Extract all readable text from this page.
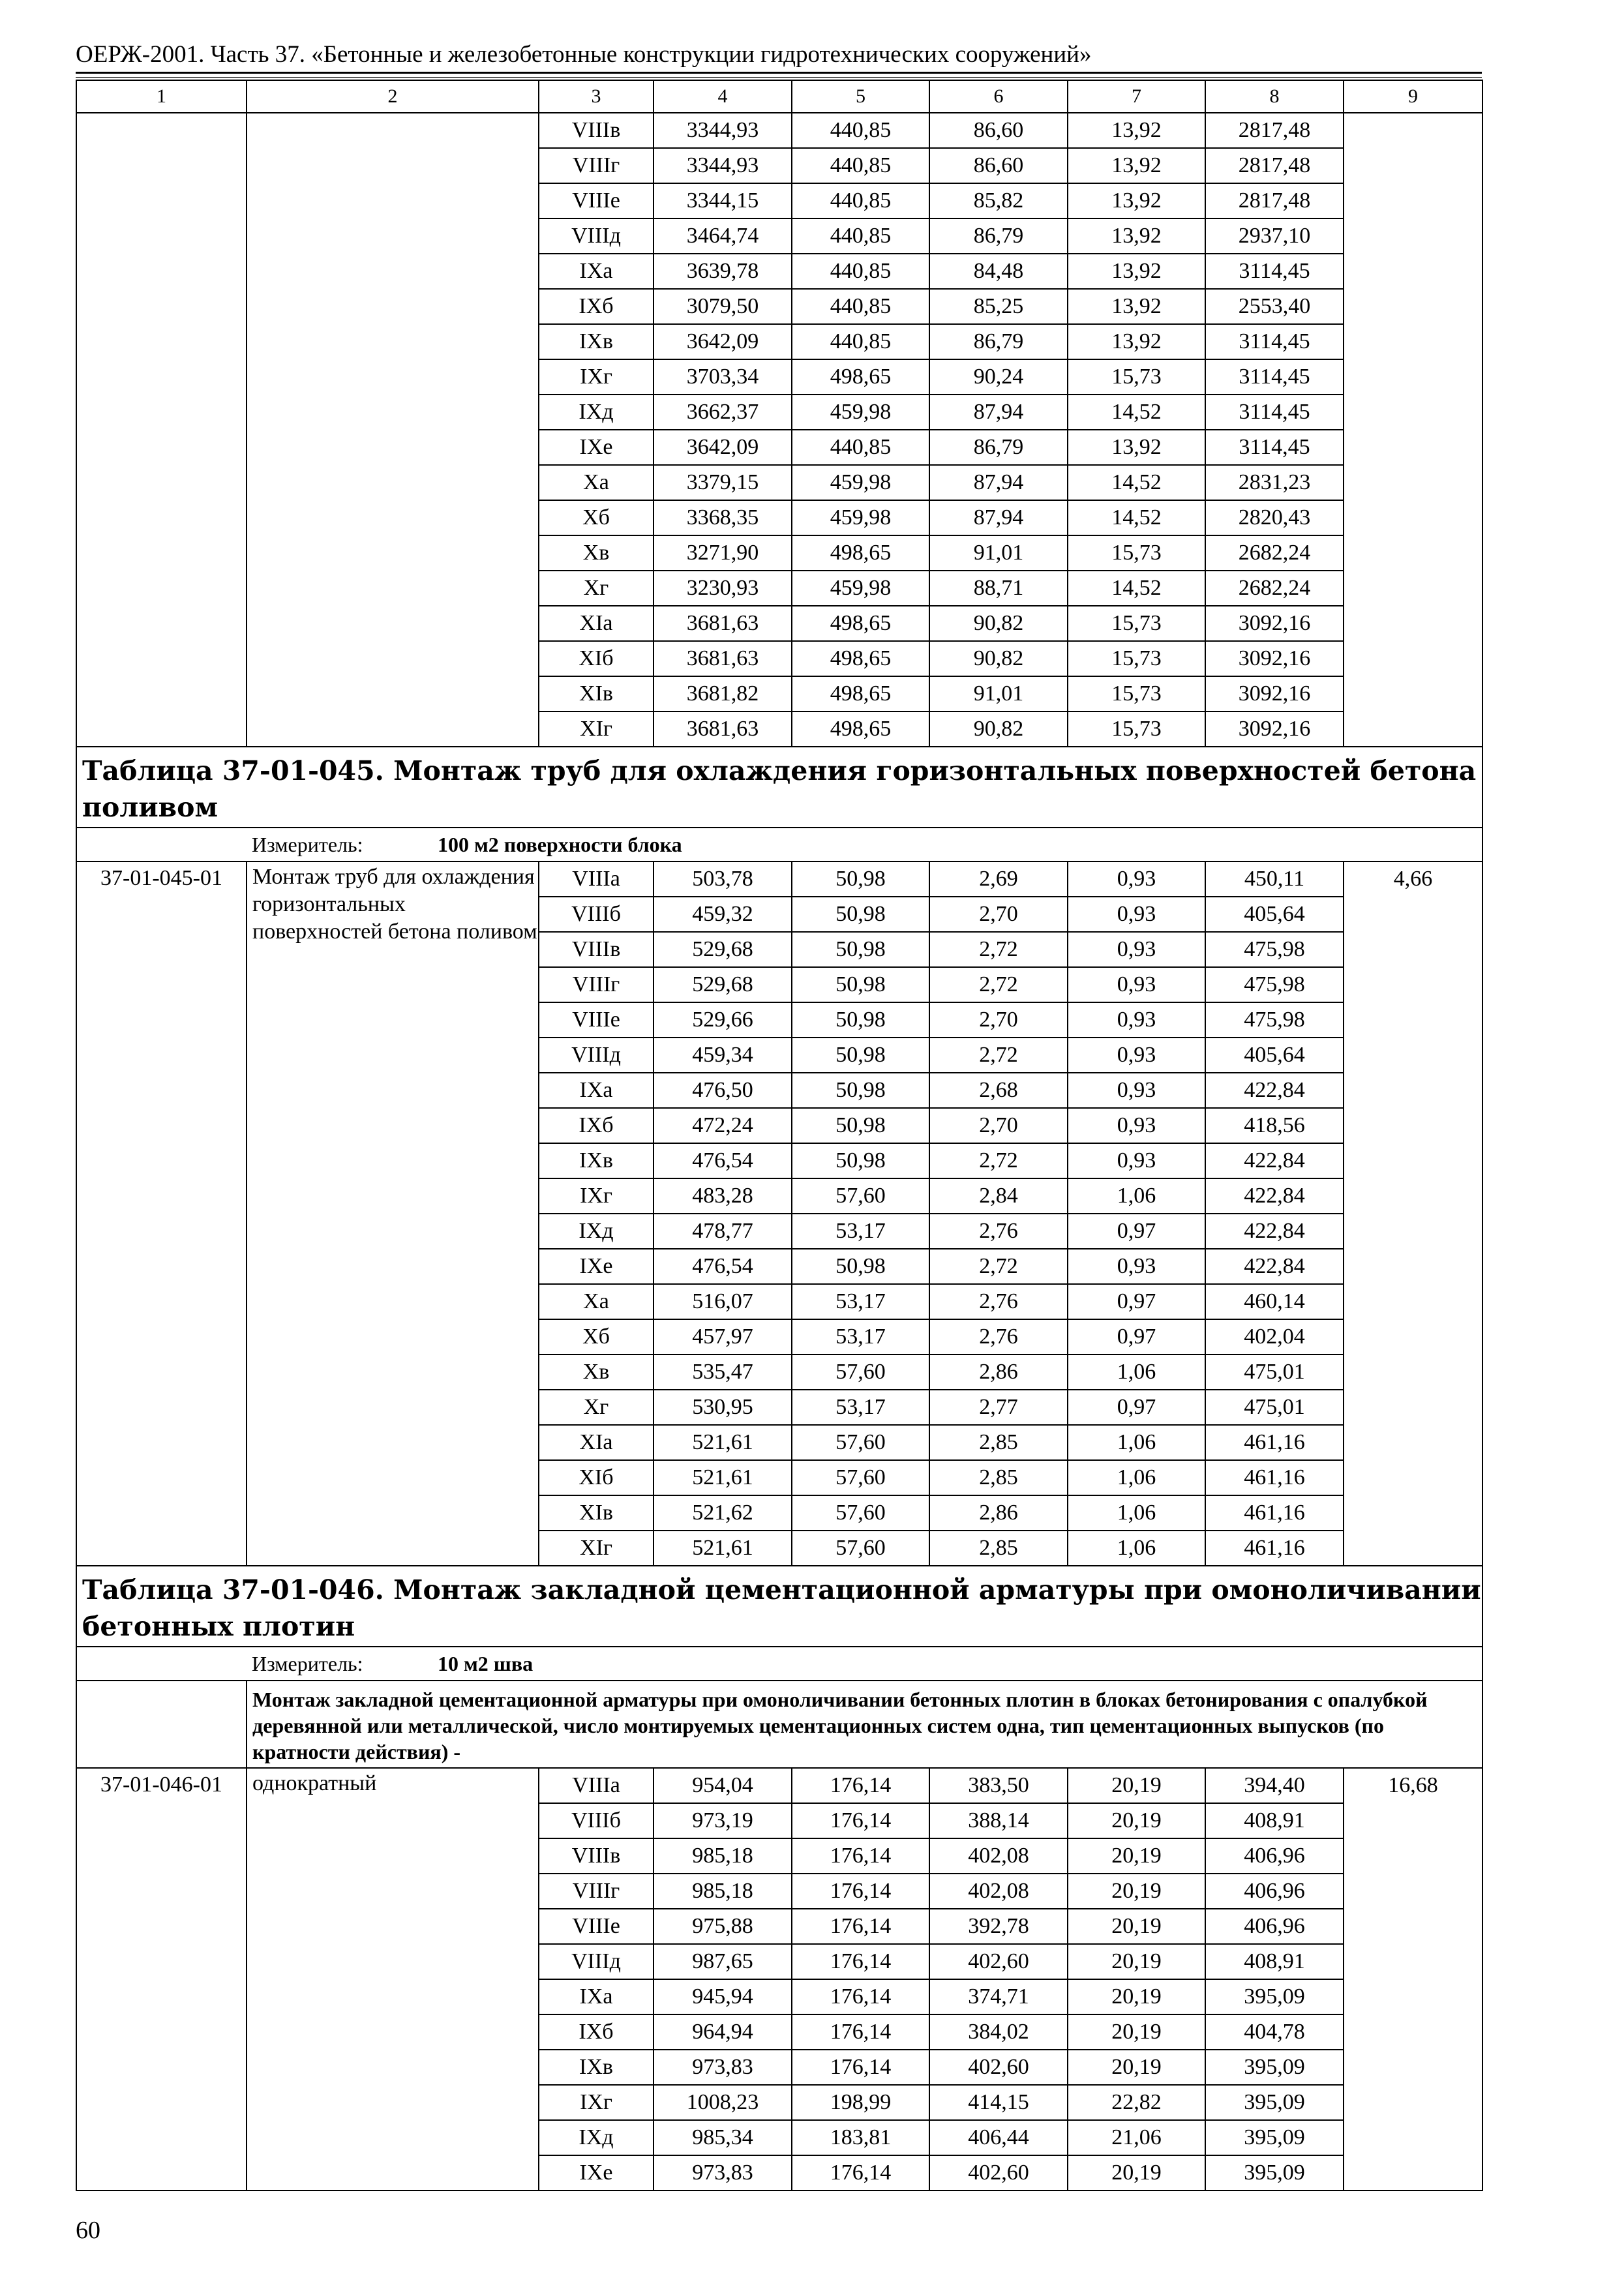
ОЕРЖ-2001. Часть 37. «Бетонные и железобетонные конструкции гидротехнических сооружений»
1	2	3	4	5	6	7	8	9
		VIIIв	3344,93	440,85	86,60	13,92	2817,48	
		VIIIг	3344,93	440,85	86,60	13,92	2817,48	
		VIIIе	3344,15	440,85	85,82	13,92	2817,48	
		VIIIд	3464,74	440,85	86,79	13,92	2937,10	
		IXа	3639,78	440,85	84,48	13,92	3114,45	
		IXб	3079,50	440,85	85,25	13,92	2553,40	
		IXв	3642,09	440,85	86,79	13,92	3114,45	
		IXг	3703,34	498,65	90,24	15,73	3114,45	
		IXд	3662,37	459,98	87,94	14,52	3114,45	
		IXе	3642,09	440,85	86,79	13,92	3114,45	
		Xа	3379,15	459,98	87,94	14,52	2831,23	
		Xб	3368,35	459,98	87,94	14,52	2820,43	
		Xв	3271,90	498,65	91,01	15,73	2682,24	
		Xг	3230,93	459,98	88,71	14,52	2682,24	
		XIа	3681,63	498,65	90,82	15,73	3092,16	
		XIб	3681,63	498,65	90,82	15,73	3092,16	
		XIв	3681,82	498,65	91,01	15,73	3092,16	
		XIг	3681,63	498,65	90,82	15,73	3092,16	
Таблица 37-01-045. Монтаж труб для охлаждения горизонтальных поверхностей бетона поливом								
Измеритель: 100 м2 поверхности блока								
37-01-045-01	Монтаж труб для охлаждения горизонтальных поверхностей бетона поливом	VIIIа	503,78	50,98	2,69	0,93	450,11	4,66
		VIIIб	459,32	50,98	2,70	0,93	405,64	
		VIIIв	529,68	50,98	2,72	0,93	475,98	
		VIIIг	529,68	50,98	2,72	0,93	475,98	
		VIIIе	529,66	50,98	2,70	0,93	475,98	
		VIIIд	459,34	50,98	2,72	0,93	405,64	
		IXа	476,50	50,98	2,68	0,93	422,84	
		IXб	472,24	50,98	2,70	0,93	418,56	
		IXв	476,54	50,98	2,72	0,93	422,84	
		IXг	483,28	57,60	2,84	1,06	422,84	
		IXд	478,77	53,17	2,76	0,97	422,84	
		IXе	476,54	50,98	2,72	0,93	422,84	
		Xа	516,07	53,17	2,76	0,97	460,14	
		Xб	457,97	53,17	2,76	0,97	402,04	
		Xв	535,47	57,60	2,86	1,06	475,01	
		Xг	530,95	53,17	2,77	0,97	475,01	
		XIа	521,61	57,60	2,85	1,06	461,16	
		XIб	521,61	57,60	2,85	1,06	461,16	
		XIв	521,62	57,60	2,86	1,06	461,16	
		XIг	521,61	57,60	2,85	1,06	461,16	
Таблица 37-01-046. Монтаж закладной цементационной арматуры при омоноличивании бетонных плотин								
Измеритель: 10 м2 шва								
	Монтаж закладной цементационной арматуры при омоноличивании бетонных плотин в блоках бетонирования с опалубкой деревянной или металлической, число монтируемых цементационных систем одна, тип цементационных выпусков (по кратности действия) -							
37-01-046-01	однократный	VIIIа	954,04	176,14	383,50	20,19	394,40	16,68
		VIIIб	973,19	176,14	388,14	20,19	408,91	
		VIIIв	985,18	176,14	402,08	20,19	406,96	
		VIIIг	985,18	176,14	402,08	20,19	406,96	
		VIIIе	975,88	176,14	392,78	20,19	406,96	
		VIIIд	987,65	176,14	402,60	20,19	408,91	
		IXа	945,94	176,14	374,71	20,19	395,09	
		IXб	964,94	176,14	384,02	20,19	404,78	
		IXв	973,83	176,14	402,60	20,19	395,09	
		IXг	1008,23	198,99	414,15	22,82	395,09	
		IXд	985,34	183,81	406,44	21,06	395,09	
		IXе	973,83	176,14	402,60	20,19	395,09	
60
